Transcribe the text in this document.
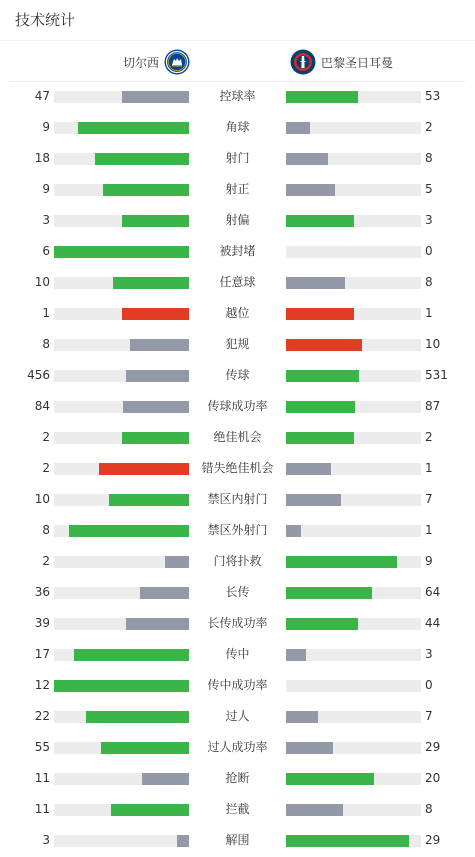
技术统计
切尔西	巴黎圣日耳曼
47	控球率	53
9	角球	2
18	射门	8
9	射正	5
3	射偏	3
6	被封堵	0
10	任意球	8
1	越位	1
8	犯规	10
456	传球	531
84	传球成功率	87
2	绝佳机会	2
2	错失绝佳机会	1
10	禁区内射门	7
8	禁区外射门	1
2	门将扑救	9
36	长传	64
39	长传成功率	44
17	传中	3
12	传中成功率	0
22	过人	7
55	过人成功率	29
11	抢断	20
11	拦截	8
3	解围	29
